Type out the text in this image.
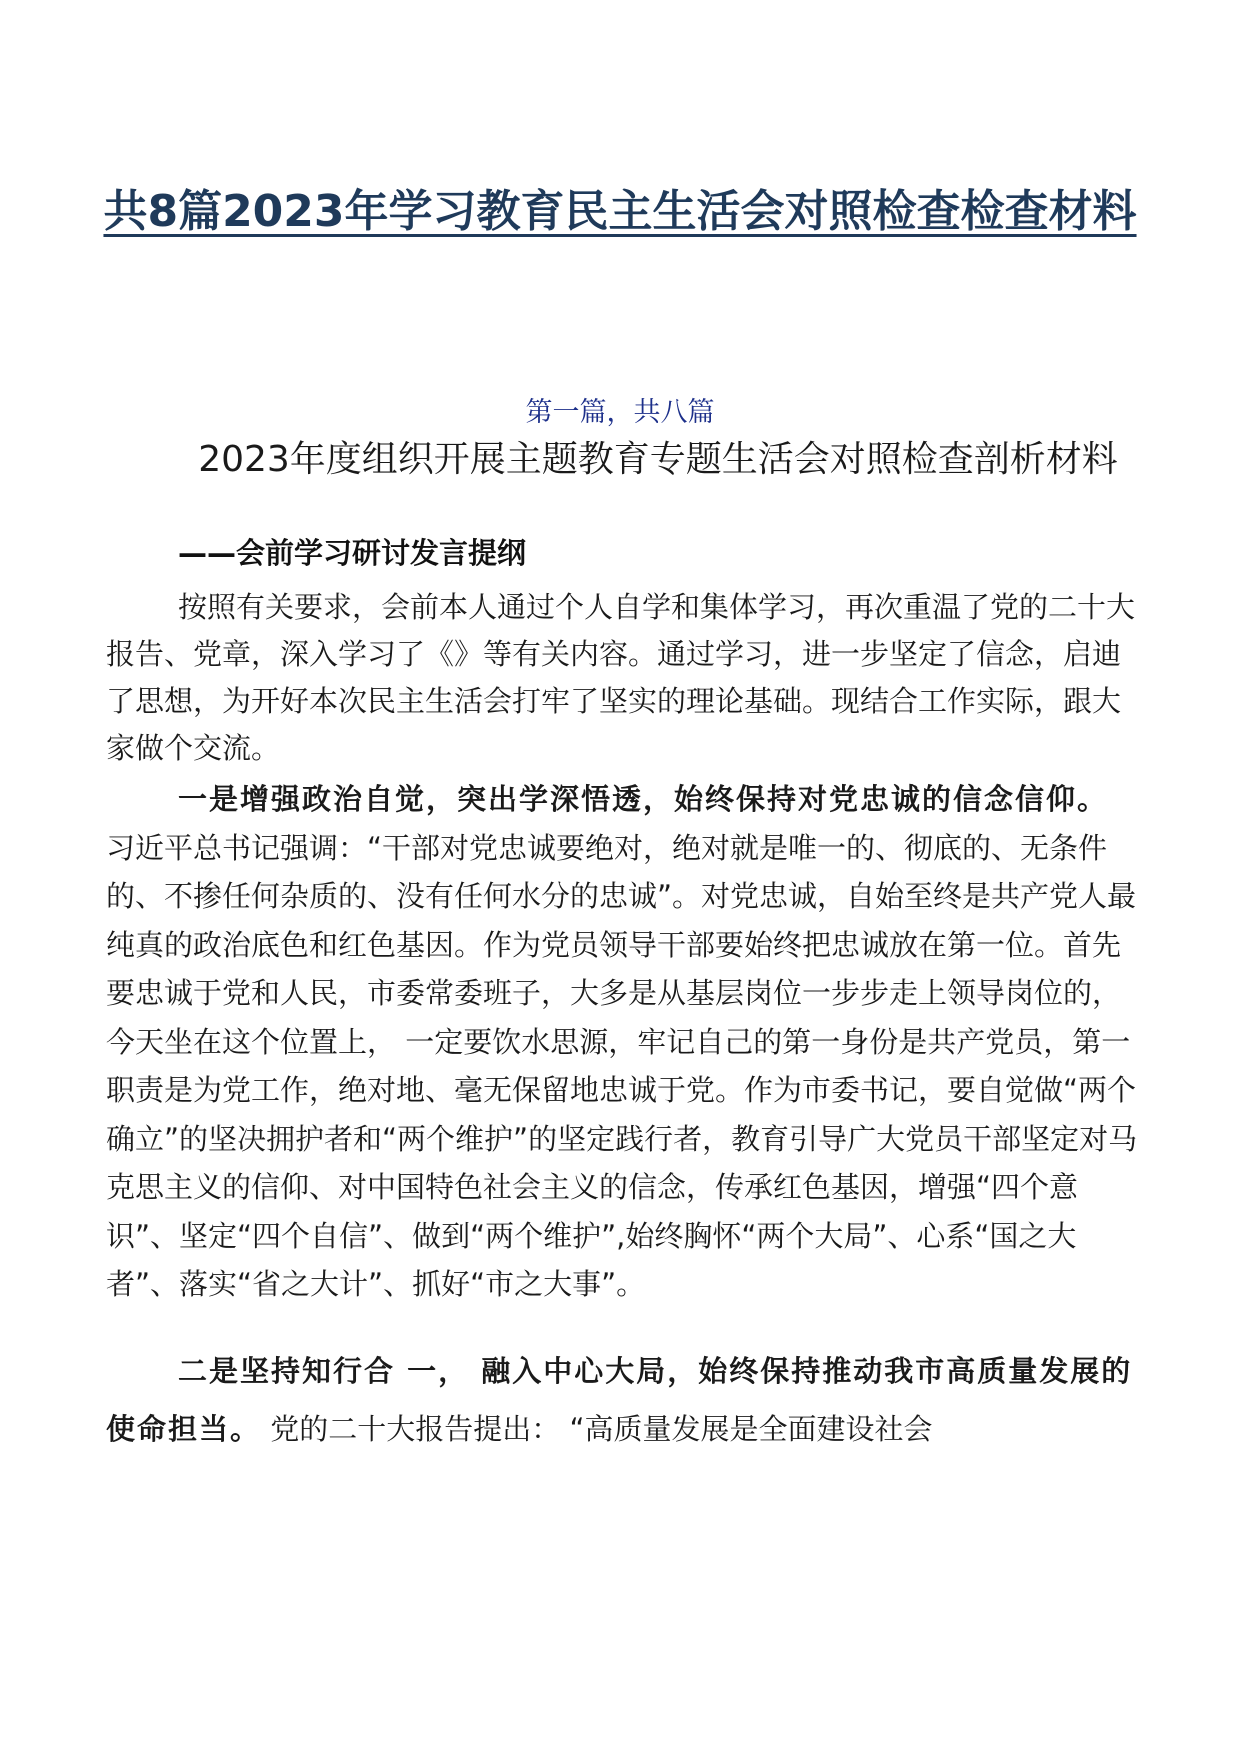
共8篇2023年学习教育民主生活会对照检查检查材料
第一篇，共八篇
2023年度组织开展主题教育专题生活会对照检查剖析材料
——会前学习研讨发言提纲

按照有关要求，会前本人通过个人自学和集体学习，再次重温了党的二十大报告、党章，深入学习了《》等有关内容。通过学习，进一步坚定了信念，启迪了思想，为开好本次民主生活会打牢了坚实的理论基础。现结合工作实际，跟大家做个交流。

一是增强政治自觉，突出学深悟透，始终保持对党忠诚的信念信仰。 习近平总书记强调：“干部对党忠诚要绝对，绝对就是唯一的、彻底的、无条件的、不掺任何杂质的、没有任何水分的忠诚”。对党忠诚，自始至终是共产党人最纯真的政治底色和红色基因。作为党员领导干部要始终把忠诚放在第一位。首先要忠诚于党和人民，市委常委班子，大多是从基层岗位一步步走上领导岗位的，今天坐在这个位置上， 一定要饮水思源，牢记自己的第一身份是共产党员，第一职责是为党工作，绝对地、毫无保留地忠诚于党。作为市委书记，要自觉做“两个确立”的坚决拥护者和“两个维护”的坚定践行者，教育引导广大党员干部坚定对马克思主义的信仰、对中国特色社会主义的信念，传承红色基因，增强“四个意识”、坚定“四个自信”、做到“两个维护”,始终胸怀“两个大局”、心系“国之大者”、落实“省之大计”、抓好“市之大事”。

二是坚持知行合 一， 融入中心大局，始终保持推动我市高质量发展的使命担当。 党的二十大报告提出： “高质量发展是全面建设社会
